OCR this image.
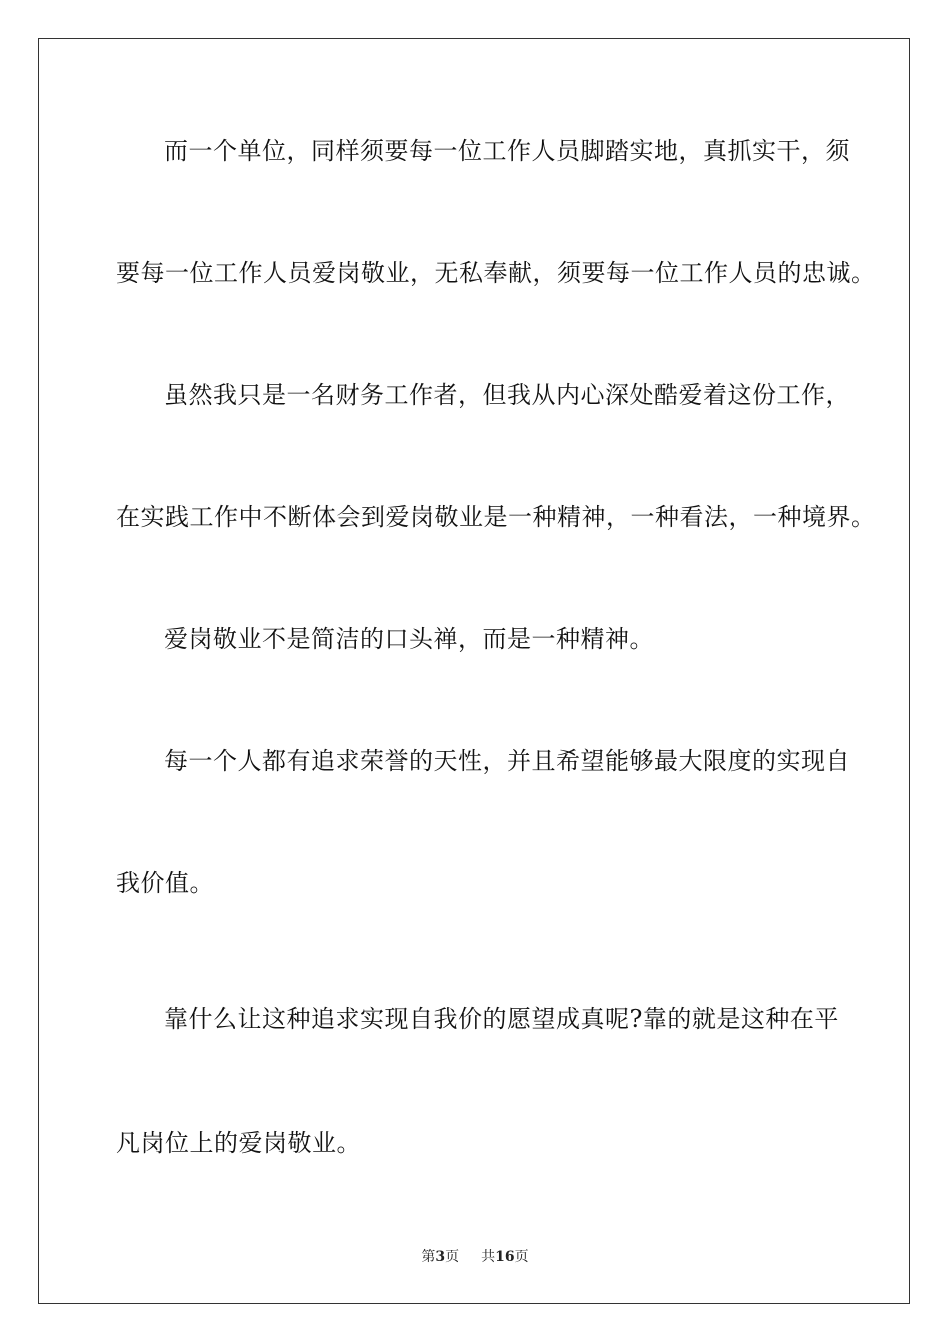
而一个单位，同样须要每一位工作人员脚踏实地，真抓实干，须
要每一位工作人员爱岗敬业，无私奉献，须要每一位工作人员的忠诚。
虽然我只是一名财务工作者，但我从内心深处酷爱着这份工作，
在实践工作中不断体会到爱岗敬业是一种精神，一种看法，一种境界。
爱岗敬业不是简洁的口头禅，而是一种精神。
每一个人都有追求荣誉的天性，并且希望能够最大限度的实现自
我价值。
靠什么让这种追求实现自我价的愿望成真呢?靠的就是这种在平
凡岗位上的爱岗敬业。
第3页 共16页
